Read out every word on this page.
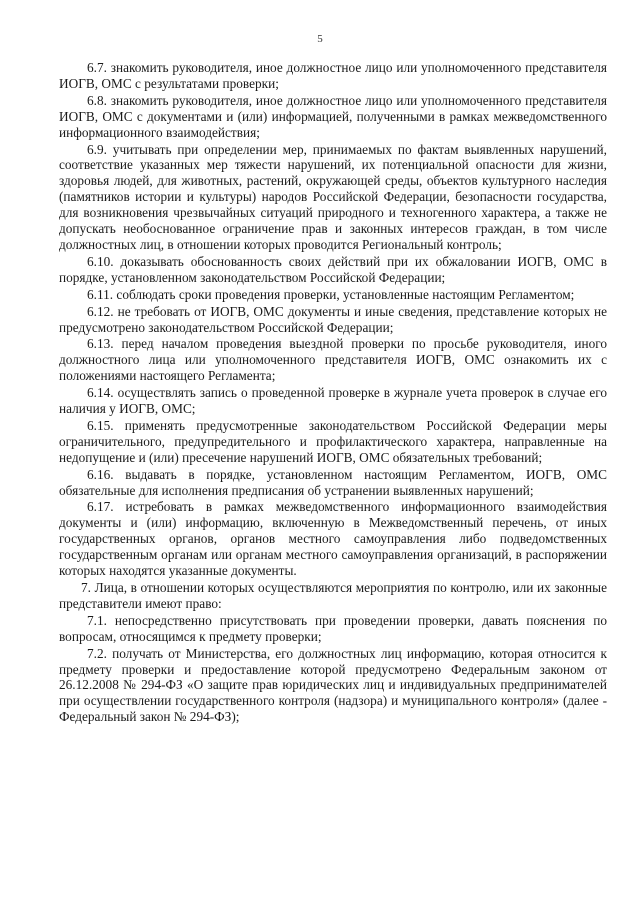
5

6.7. знакомить руководителя, иное должностное лицо или уполномоченного представителя ИОГВ, ОМС с результатами проверки;

6.8. знакомить руководителя, иное должностное лицо или уполномоченного представителя ИОГВ, ОМС с документами и (или) информацией, полученными в рамках межведомственного информационного взаимодействия;

6.9. учитывать при определении мер, принимаемых по фактам выявленных нарушений, соответствие указанных мер тяжести нарушений, их потенциальной опасности для жизни, здоровья людей, для животных, растений, окружающей среды, объектов культурного наследия (памятников истории и культуры) народов Российской Федерации, безопасности государства, для возникновения чрезвычайных ситуаций природного и техногенного характера, а также не допускать необоснованное ограничение прав и законных интересов граждан, в том числе должностных лиц, в отношении которых проводится Региональный контроль;

6.10. доказывать обоснованность своих действий при их обжаловании ИОГВ, ОМС в порядке, установленном законодательством Российской Федерации;

6.11. соблюдать сроки проведения проверки, установленные настоящим Регламентом;

6.12. не требовать от ИОГВ, ОМС документы и иные сведения, представление которых не предусмотрено законодательством Российской Федерации;

6.13. перед началом проведения выездной проверки по просьбе руководителя, иного должностного лица или уполномоченного представителя ИОГВ, ОМС ознакомить их с положениями настоящего Регламента;

6.14. осуществлять запись о проведенной проверке в журнале учета проверок в случае его наличия у ИОГВ, ОМС;

6.15. применять предусмотренные законодательством Российской Федерации меры ограничительного, предупредительного и профилактического характера, направленные на недопущение и (или) пресечение нарушений ИОГВ, ОМС обязательных требований;

6.16. выдавать в порядке, установленном настоящим Регламентом, ИОГВ, ОМС обязательные для исполнения предписания об устранении выявленных нарушений;

6.17. истребовать в рамках межведомственного информационного взаимодействия документы и (или) информацию, включенную в Межведомственный перечень, от иных государственных органов, органов местного самоуправления либо подведомственных государственным органам или органам местного самоуправления организаций, в распоряжении которых находятся указанные документы.

7. Лица, в отношении которых осуществляются мероприятия по контролю, или их законные представители имеют право:

7.1. непосредственно присутствовать при проведении проверки, давать пояснения по вопросам, относящимся к предмету проверки;

7.2. получать от Министерства, его должностных лиц информацию, которая относится к предмету проверки и предоставление которой предусмотрено Федеральным законом от 26.12.2008 № 294-ФЗ «О защите прав юридических лиц и индивидуальных предпринимателей при осуществлении государственного контроля (надзора) и муниципального контроля» (далее - Федеральный закон № 294-ФЗ);
